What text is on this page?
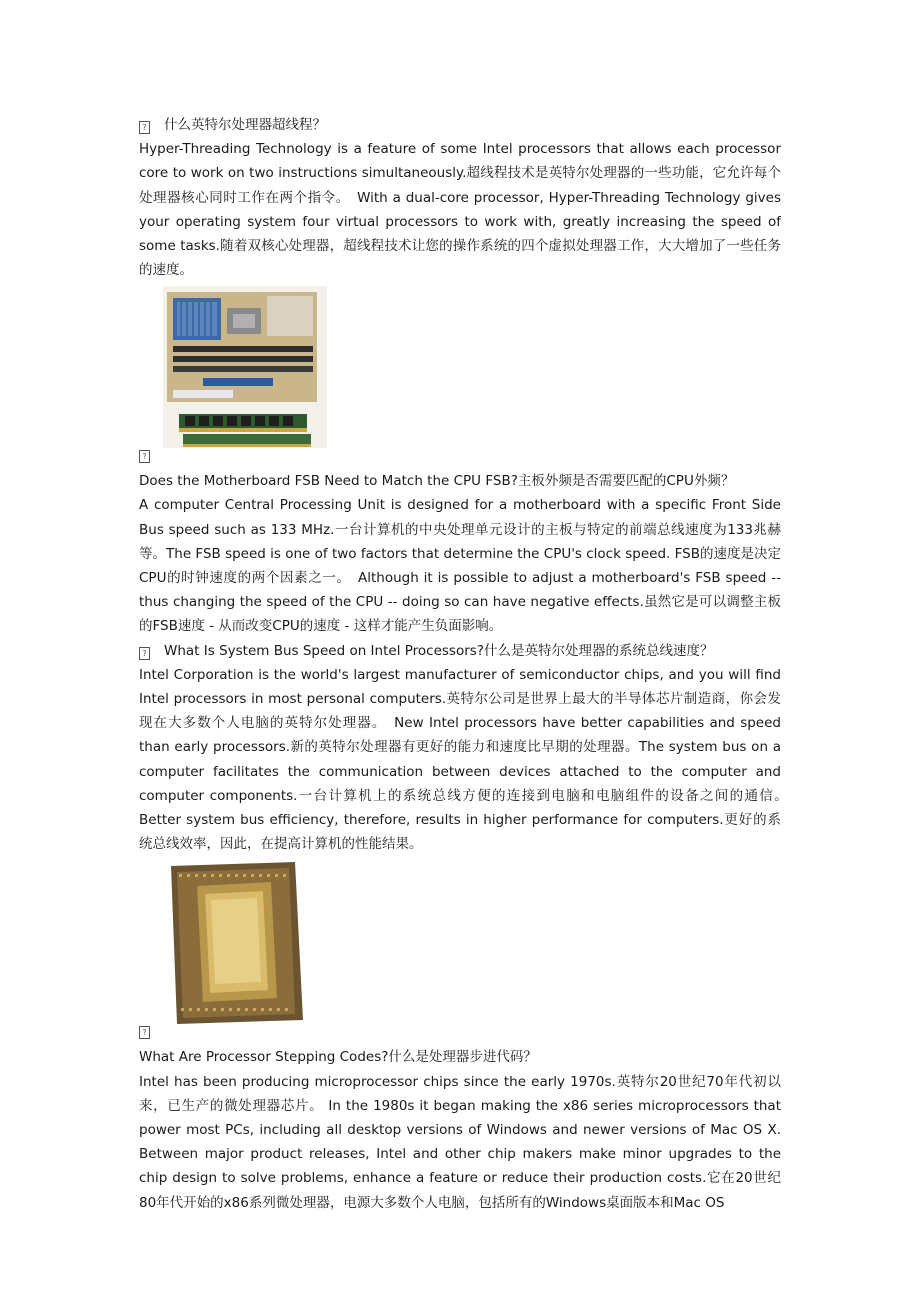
? 什么英特尔处理器超线程？

Hyper-Threading Technology is a feature of some Intel processors that allows each processor core to work on two instructions simultaneously.超线程技术是英特尔处理器的一些功能，它允许每个处理器核心同时工作在两个指令。　With a dual-core processor, Hyper-Threading Technology gives your operating system four virtual processors to work with, greatly increasing the speed of some tasks.随着双核心处理器，超线程技术让您的操作系统的四个虚拟处理器工作，大大增加了一些任务的速度。

?

Does the Motherboard FSB Need to Match the CPU FSB?主板外频是否需要匹配的CPU外频？

A computer Central Processing Unit is designed for a motherboard with a specific Front Side Bus speed such as 133 MHz.一台计算机的中央处理单元设计的主板与特定的前端总线速度为133兆赫等。The FSB speed is one of two factors that determine the CPU's clock speed. FSB的速度是决定CPU的时钟速度的两个因素之一。　Although it is possible to adjust a motherboard's FSB speed -- thus changing the speed of the CPU -- doing so can have negative effects.虽然它是可以调整主板的FSB速度 - 从而改变CPU的速度 - 这样才能产生负面影响。

? What Is System Bus Speed on Intel Processors?什么是英特尔处理器的系统总线速度？

Intel Corporation is the world's largest manufacturer of semiconductor chips, and you will find Intel processors in most personal computers.英特尔公司是世界上最大的半导体芯片制造商，你会发现在大多数个人电脑的英特尔处理器。　New Intel processors have better capabilities and speed than early processors.新的英特尔处理器有更好的能力和速度比早期的处理器。The system bus on a computer facilitates the communication between devices attached to the computer and computer components.一台计算机上的系统总线方便的连接到电脑和电脑组件的设备之间的通信。　Better system bus efficiency, therefore, results in higher performance for computers.更好的系统总线效率，因此，在提高计算机的性能结果。

?

What Are Processor Stepping Codes?什么是处理器步进代码？

Intel has been producing microprocessor chips since the early 1970s.英特尔20世纪70年代初以来，已生产的微处理器芯片。 In the 1980s it began making the x86 series microprocessors that power most PCs, including all desktop versions of Windows and newer versions of Mac OS X. Between major product releases, Intel and other chip makers make minor upgrades to the chip design to solve problems, enhance a feature or reduce their production costs.它在20世纪80年代开始的x86系列微处理器，电源大多数个人电脑，包括所有的Windows桌面版本和Mac OS
